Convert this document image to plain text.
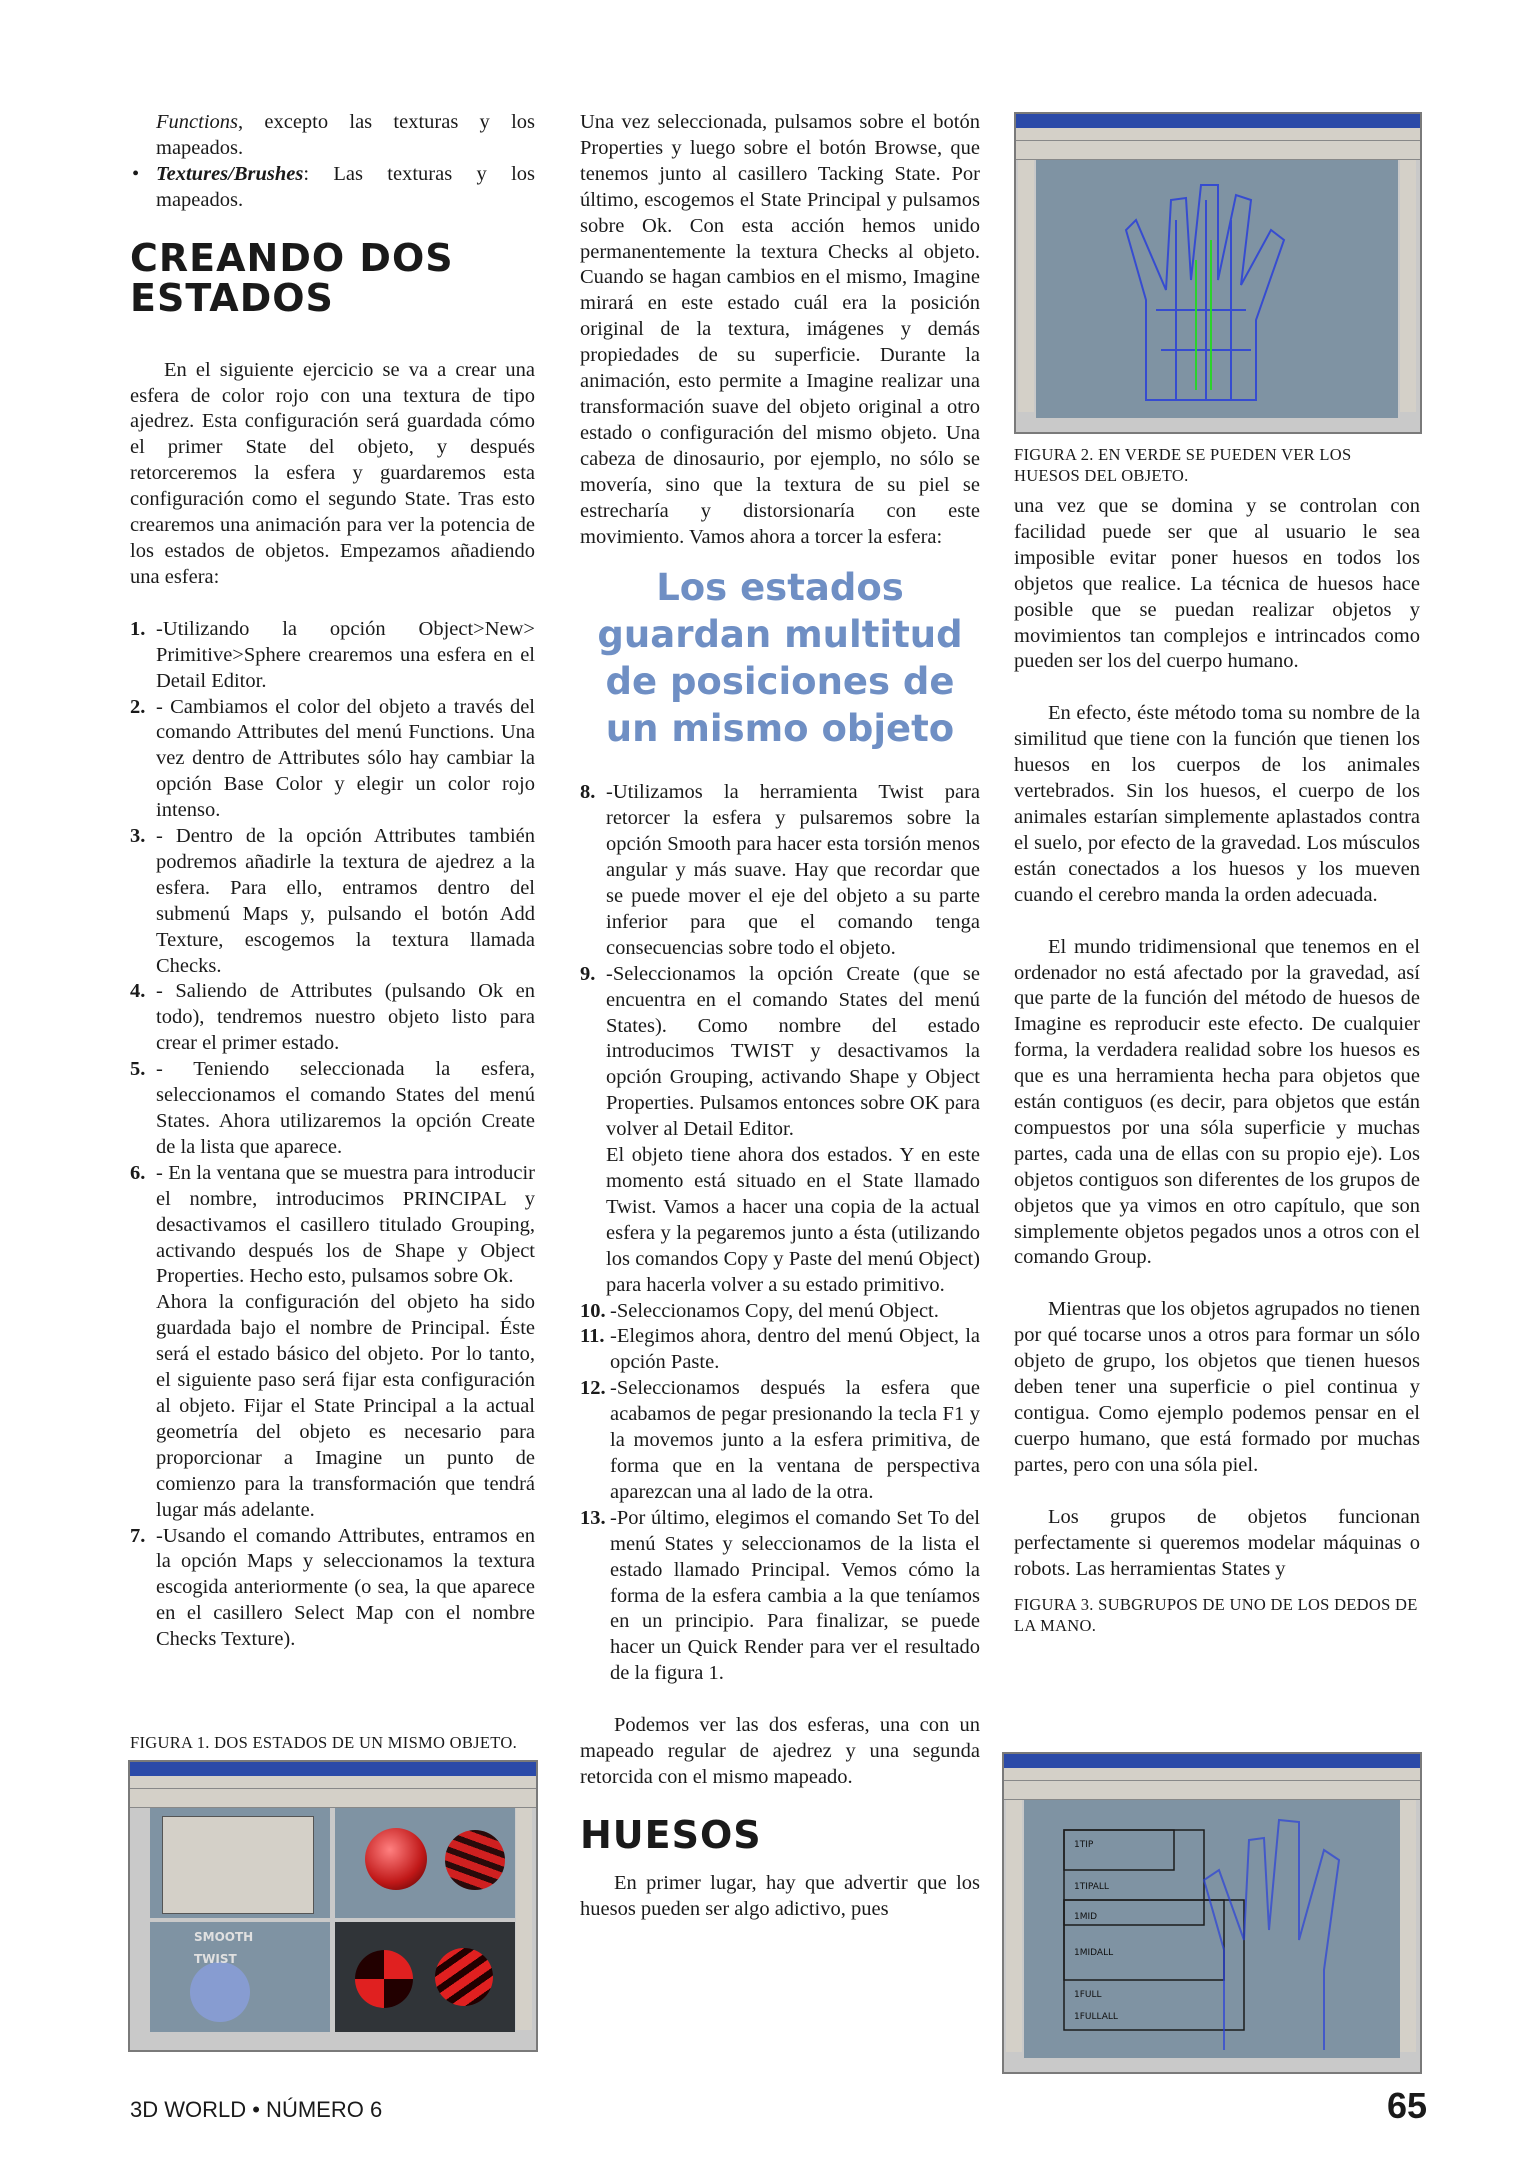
Functions, excepto las texturas y los mapeados.

• Textures/Brushes: Las texturas y los mapeados.

CREANDO DOS ESTADOS

En el siguiente ejercicio se va a crear una esfera de color rojo con una textura de tipo ajedrez. Esta configuración será guardada cómo el primer State del objeto, y después retorceremos la esfera y guardaremos esta configuración como el segundo State. Tras esto crearemos una animación para ver la potencia de los estados de objetos. Empezamos añadiendo una esfera:

1. -Utilizando la opción Object>New> Primitive>Sphere crearemos una esfera en el Detail Editor.

2. - Cambiamos el color del objeto a través del comando Attributes del menú Functions. Una vez dentro de Attributes sólo hay cambiar la opción Base Color y elegir un color rojo intenso.

3. - Dentro de la opción Attributes también podremos añadirle la textura de ajedrez a la esfera. Para ello, entramos dentro del submenú Maps y, pulsando el botón Add Texture, escogemos la textura llamada Checks.

4. - Saliendo de Attributes (pulsando Ok en todo), tendremos nuestro objeto listo para crear el primer estado.

5. - Teniendo seleccionada la esfera, seleccionamos el comando States del menú States. Ahora utilizaremos la opción Create de la lista que aparece.

6. - En la ventana que se muestra para introducir el nombre, introducimos PRINCIPAL y desactivamos el casillero titulado Grouping, activando después los de Shape y Object Properties. Hecho esto, pulsamos sobre Ok.

Ahora la configuración del objeto ha sido guardada bajo el nombre de Principal. Éste será el estado básico del objeto. Por lo tanto, el siguiente paso será fijar esta configuración al objeto. Fijar el State Principal a la actual geometría del objeto es necesario para proporcionar a Imagine un punto de comienzo para la transformación que tendrá lugar más adelante.

7. -Usando el comando Attributes, entramos en la opción Maps y seleccionamos la textura escogida anteriormente (o sea, la que aparece en el casillero Select Map con el nombre Checks Texture).

FIGURA 1. DOS ESTADOS DE UN MISMO OBJETO.
SMOOTH
TWIST

Una vez seleccionada, pulsamos sobre el botón Properties y luego sobre el botón Browse, que tenemos junto al casillero Tacking State. Por último, escogemos el State Principal y pulsamos sobre Ok. Con esta acción hemos unido permanentemente la textura Checks al objeto. Cuando se hagan cambios en el mismo, Imagine mirará en este estado cuál era la posición original de la textura, imágenes y demás propiedades de su superficie. Durante la animación, esto permite a Imagine realizar una transformación suave del objeto original a otro estado o configuración del mismo objeto. Una cabeza de dinosaurio, por ejemplo, no sólo se movería, sino que la textura de su piel se estrecharía y distorsionaría con este movimiento. Vamos ahora a torcer la esfera:

Los estados guardan multitud de posiciones de un mismo objeto

8. -Utilizamos la herramienta Twist para retorcer la esfera y pulsaremos sobre la opción Smooth para hacer esta torsión menos angular y más suave. Hay que recordar que se puede mover el eje del objeto a su parte inferior para que el comando tenga consecuencias sobre todo el objeto.

9. -Seleccionamos la opción Create (que se encuentra en el comando States del menú States). Como nombre del estado introducimos TWIST y desactivamos la opción Grouping, activando Shape y Object Properties. Pulsamos entonces sobre OK para volver al Detail Editor.

El objeto tiene ahora dos estados. Y en este momento está situado en el State llamado Twist. Vamos a hacer una copia de la actual esfera y la pegaremos junto a ésta (utilizando los comandos Copy y Paste del menú Object) para hacerla volver a su estado primitivo.

10. -Seleccionamos Copy, del menú Object.

11. -Elegimos ahora, dentro del menú Object, la opción Paste.

12. -Seleccionamos después la esfera que acabamos de pegar presionando la tecla F1 y la movemos junto a la esfera primitiva, de forma que en la ventana de perspectiva aparezcan una al lado de la otra.

13. -Por último, elegimos el comando Set To del menú States y seleccionamos de la lista el estado llamado Principal. Vemos cómo la forma de la esfera cambia a la que teníamos en un principio. Para finalizar, se puede hacer un Quick Render para ver el resultado de la figura 1.

Podemos ver las dos esferas, una con un mapeado regular de ajedrez y una segunda retorcida con el mismo mapeado.

HUESOS

En primer lugar, hay que advertir que los huesos pueden ser algo adictivo, pues

FIGURA 2. EN VERDE SE PUEDEN VER LOS HUESOS DEL OBJETO.

una vez que se domina y se controlan con facilidad puede ser que al usuario le sea imposible evitar poner huesos en todos los objetos que realice. La técnica de huesos hace posible que se puedan realizar objetos y movimientos tan complejos e intrincados como pueden ser los del cuerpo humano.

En efecto, éste método toma su nombre de la similitud que tiene con la función que tienen los huesos en los cuerpos de los animales vertebrados. Sin los huesos, el cuerpo de los animales estarían simplemente aplastados contra el suelo, por efecto de la gravedad. Los músculos están conectados a los huesos y los mueven cuando el cerebro manda la orden adecuada.

El mundo tridimensional que tenemos en el ordenador no está afectado por la gravedad, así que parte de la función del método de huesos de Imagine es reproducir este efecto. De cualquier forma, la verdadera realidad sobre los huesos es que es una herramienta hecha para objetos que están contiguos (es decir, para objetos que están compuestos por una sóla superficie y muchas partes, cada una de ellas con su propio eje). Los objetos contiguos son diferentes de los grupos de objetos que ya vimos en otro capítulo, que son simplemente objetos pegados unos a otros con el comando Group.

Mientras que los objetos agrupados no tienen por qué tocarse unos a otros para formar un sólo objeto de grupo, los objetos que tienen huesos deben tener una superficie o piel continua y contigua. Como ejemplo podemos pensar en el cuerpo humano, que está formado por muchas partes, pero con una sóla piel.

Los grupos de objetos funcionan perfectamente si queremos modelar máquinas o robots. Las herramientas States y

FIGURA 3. SUBGRUPOS DE UNO DE LOS DEDOS DE LA MANO.
1TIP
1TIPALL
1MID
1MIDALL
1FULL
1FULLALL
3D WORLD • NÚMERO 6	65
